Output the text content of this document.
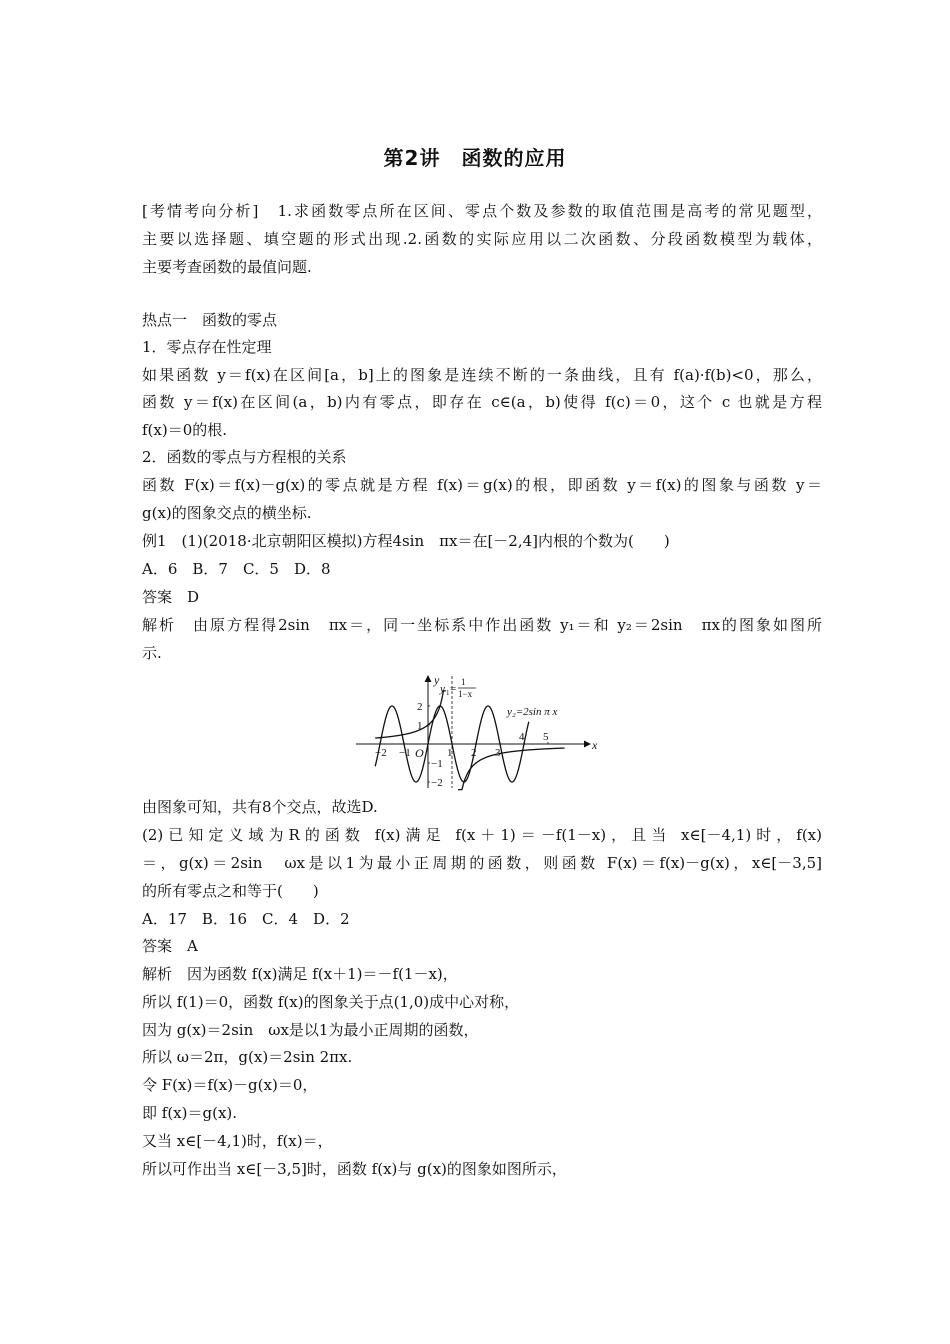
第2讲　函数的应用
[考情考向分析]　1.求函数零点所在区间、零点个数及参数的取值范围是高考的常见题型，
主要以选择题、填空题的形式出现.2.函数的实际应用以二次函数、分段函数模型为载体，
主要考查函数的最值问题.
热点一　函数的零点
1．零点存在性定理
如果函数 y＝f(x)在区间[a，b]上的图象是连续不断的一条曲线，且有 f(a)·f(b)<0，那么，
函数 y＝f(x)在区间(a，b)内有零点，即存在 c∈(a，b)使得 f(c)＝0，这个 c 也就是方程
f(x)＝0的根.
2．函数的零点与方程根的关系
函数 F(x)＝f(x)－g(x)的零点就是方程 f(x)＝g(x)的根，即函数 y＝f(x)的图象与函数 y＝
g(x)的图象交点的横坐标.
例1　(1)(2018·北京朝阳区模拟)方程4sin　πx＝在[－2,4]内根的个数为(　　)
A．6　B．7　C．5　D．8
答案　D
解析　由原方程得2sin　πx＝，同一坐标系中作出函数 y₁＝和 y₂＝2sin　πx的图象如图所
示.
−2 −1	1 2 3
4 5
2
1
−1
−2
x
y
O
y 1 =
1
1−x
y₂=2sin π x
由图象可知，共有8个交点，故选D.
(2)已知定义域为R的函数 f(x)满足 f(x＋1)＝－f(1－x)，且当 x∈[－4,1)时，f(x)
＝，g(x)＝2sin　ωx是以1为最小正周期的函数，则函数 F(x)＝f(x)－g(x)，x∈[－3,5]
的所有零点之和等于(　　)
A．17　B．16　C．4　D．2
答案　A
解析　因为函数 f(x)满足 f(x＋1)＝－f(1－x)，
所以 f(1)＝0，函数 f(x)的图象关于点(1,0)成中心对称，
因为 g(x)＝2sin　ωx是以1为最小正周期的函数，
所以 ω＝2π，g(x)＝2sin 2πx.
令 F(x)＝f(x)－g(x)＝0，
即 f(x)＝g(x).
又当 x∈[－4,1)时，f(x)＝，
所以可作出当 x∈[－3,5]时，函数 f(x)与 g(x)的图象如图所示，
